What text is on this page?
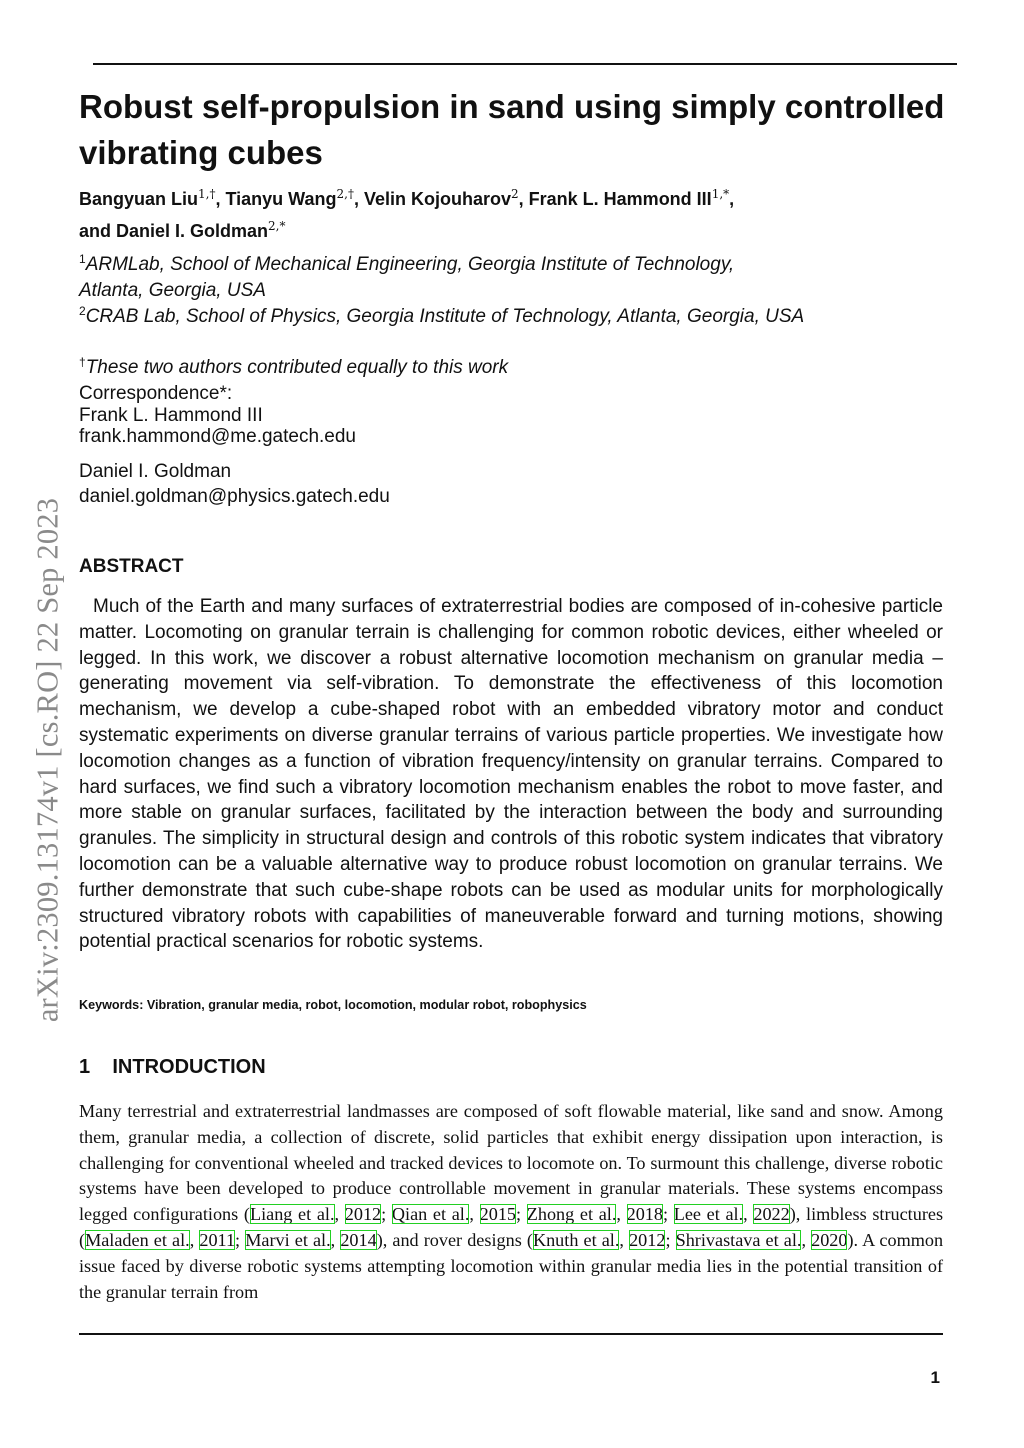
Robust self-propulsion in sand using simply controlled vibrating cubes
Bangyuan Liu$^{1,\dagger}$, Tianyu Wang$^{2,\dagger}$, Velin Kojouharov$^2$, Frank L. Hammond $III^{1,*}$,
and Daniel I. Goldman$^{2,*}$
$^1$ARMLab, School of Mechanical Engineering, Georgia Institute of Technology, Atlanta, Georgia, USA
$^2$CRAB Lab, School of Physics, Georgia Institute of Technology, Atlanta, Georgia, USA
†These two authors contributed equally to this work
Correspondence*:
Frank L. Hammond III
frank.hammond@me.gatech.edu
Daniel I. Goldman
daniel.goldman@physics.gatech.edu
ABSTRACT

Much of the Earth and many surfaces of extraterrestrial bodies are composed of in-cohesive particle matter. Locomoting on granular terrain is challenging for common robotic devices, either wheeled or legged. In this work, we discover a robust alternative locomotion mechanism on granular media – generating movement via self-vibration. To demonstrate the effectiveness of this locomotion mechanism, we develop a cube-shaped robot with an embedded vibratory motor and conduct systematic experiments on diverse granular terrains of various particle properties. We investigate how locomotion changes as a function of vibration frequency/intensity on granular terrains. Compared to hard surfaces, we find such a vibratory locomotion mechanism enables the robot to move faster, and more stable on granular surfaces, facilitated by the interaction between the body and surrounding granules. The simplicity in structural design and controls of this robotic system indicates that vibratory locomotion can be a valuable alternative way to produce robust locomotion on granular terrains. We further demonstrate that such cube-shape robots can be used as modular units for morphologically structured vibratory robots with capabilities of maneuverable forward and turning motions, showing potential practical scenarios for robotic systems.

Keywords: Vibration, granular media, robot, locomotion, modular robot, robophysics
1    INTRODUCTION

Many terrestrial and extraterrestrial landmasses are composed of soft flowable material, like sand and snow. Among them, granular media, a collection of discrete, solid particles that exhibit energy dissipation upon interaction, is challenging for conventional wheeled and tracked devices to locomote on. To surmount this challenge, diverse robotic systems have been developed to produce controllable movement in granular materials. These systems encompass legged configurations (Liang et al., 2012; Qian et al., 2015; Zhong et al., 2018; Lee et al., 2022), limbless structures (Maladen et al., 2011; Marvi et al., 2014), and rover designs (Knuth et al., 2012; Shrivastava et al., 2020). A common issue faced by diverse robotic systems attempting locomotion within granular media lies in the potential transition of the granular terrain from

1
arXiv:2309.13174v1 [cs.RO] 22 Sep 2023
